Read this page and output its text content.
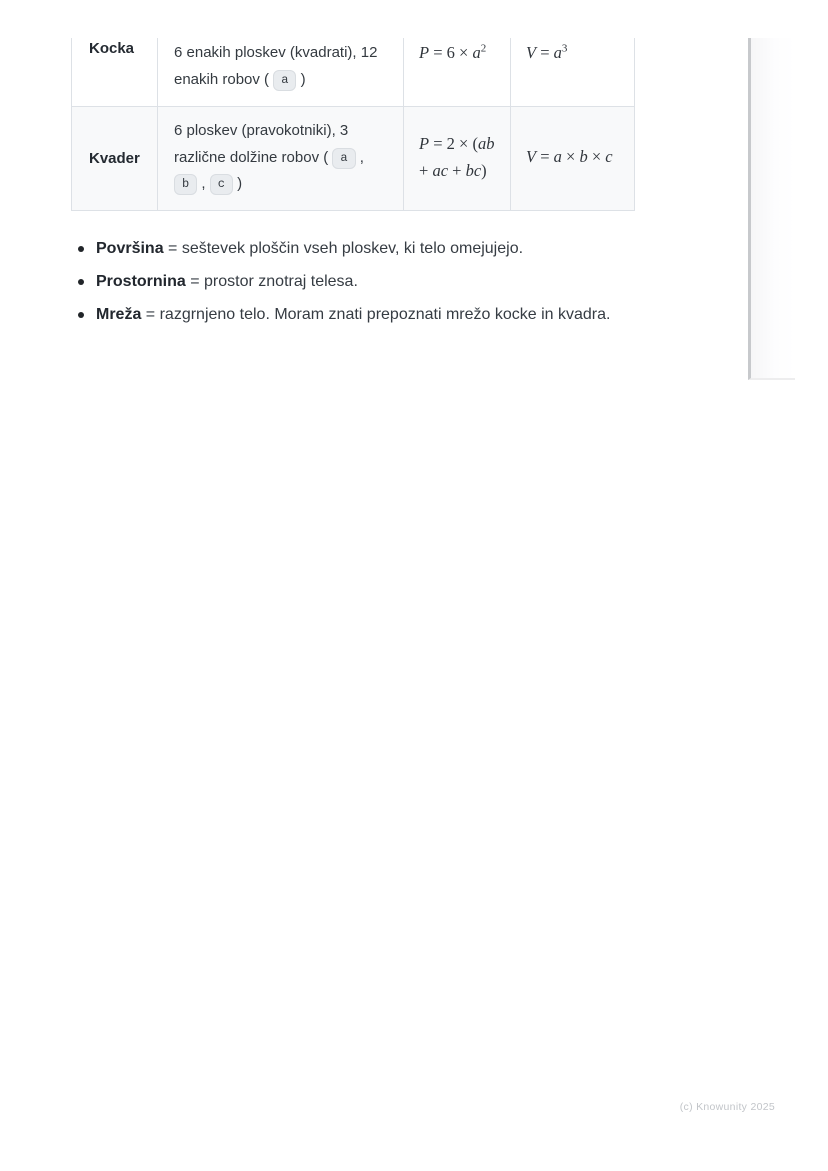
Kocka	6 enakih ploskev (kvadrati), 12 enakih robov ( a )	$P = 6 \times a^2$	$V = a^3$
Kvader	6 ploskev (pravokotniki), 3 različne dolžine robov ( a , b , c )	P = 2 × (ab + ac + bc)	V = a × b × c
Površina = seštevek ploščin vseh ploskev, ki telo omejujejo.
Prostornina = prostor znotraj telesa.
Mreža = razgrnjeno telo. Moram znati prepoznati mrežo kocke in kvadra.
(c) Knowunity 2025
